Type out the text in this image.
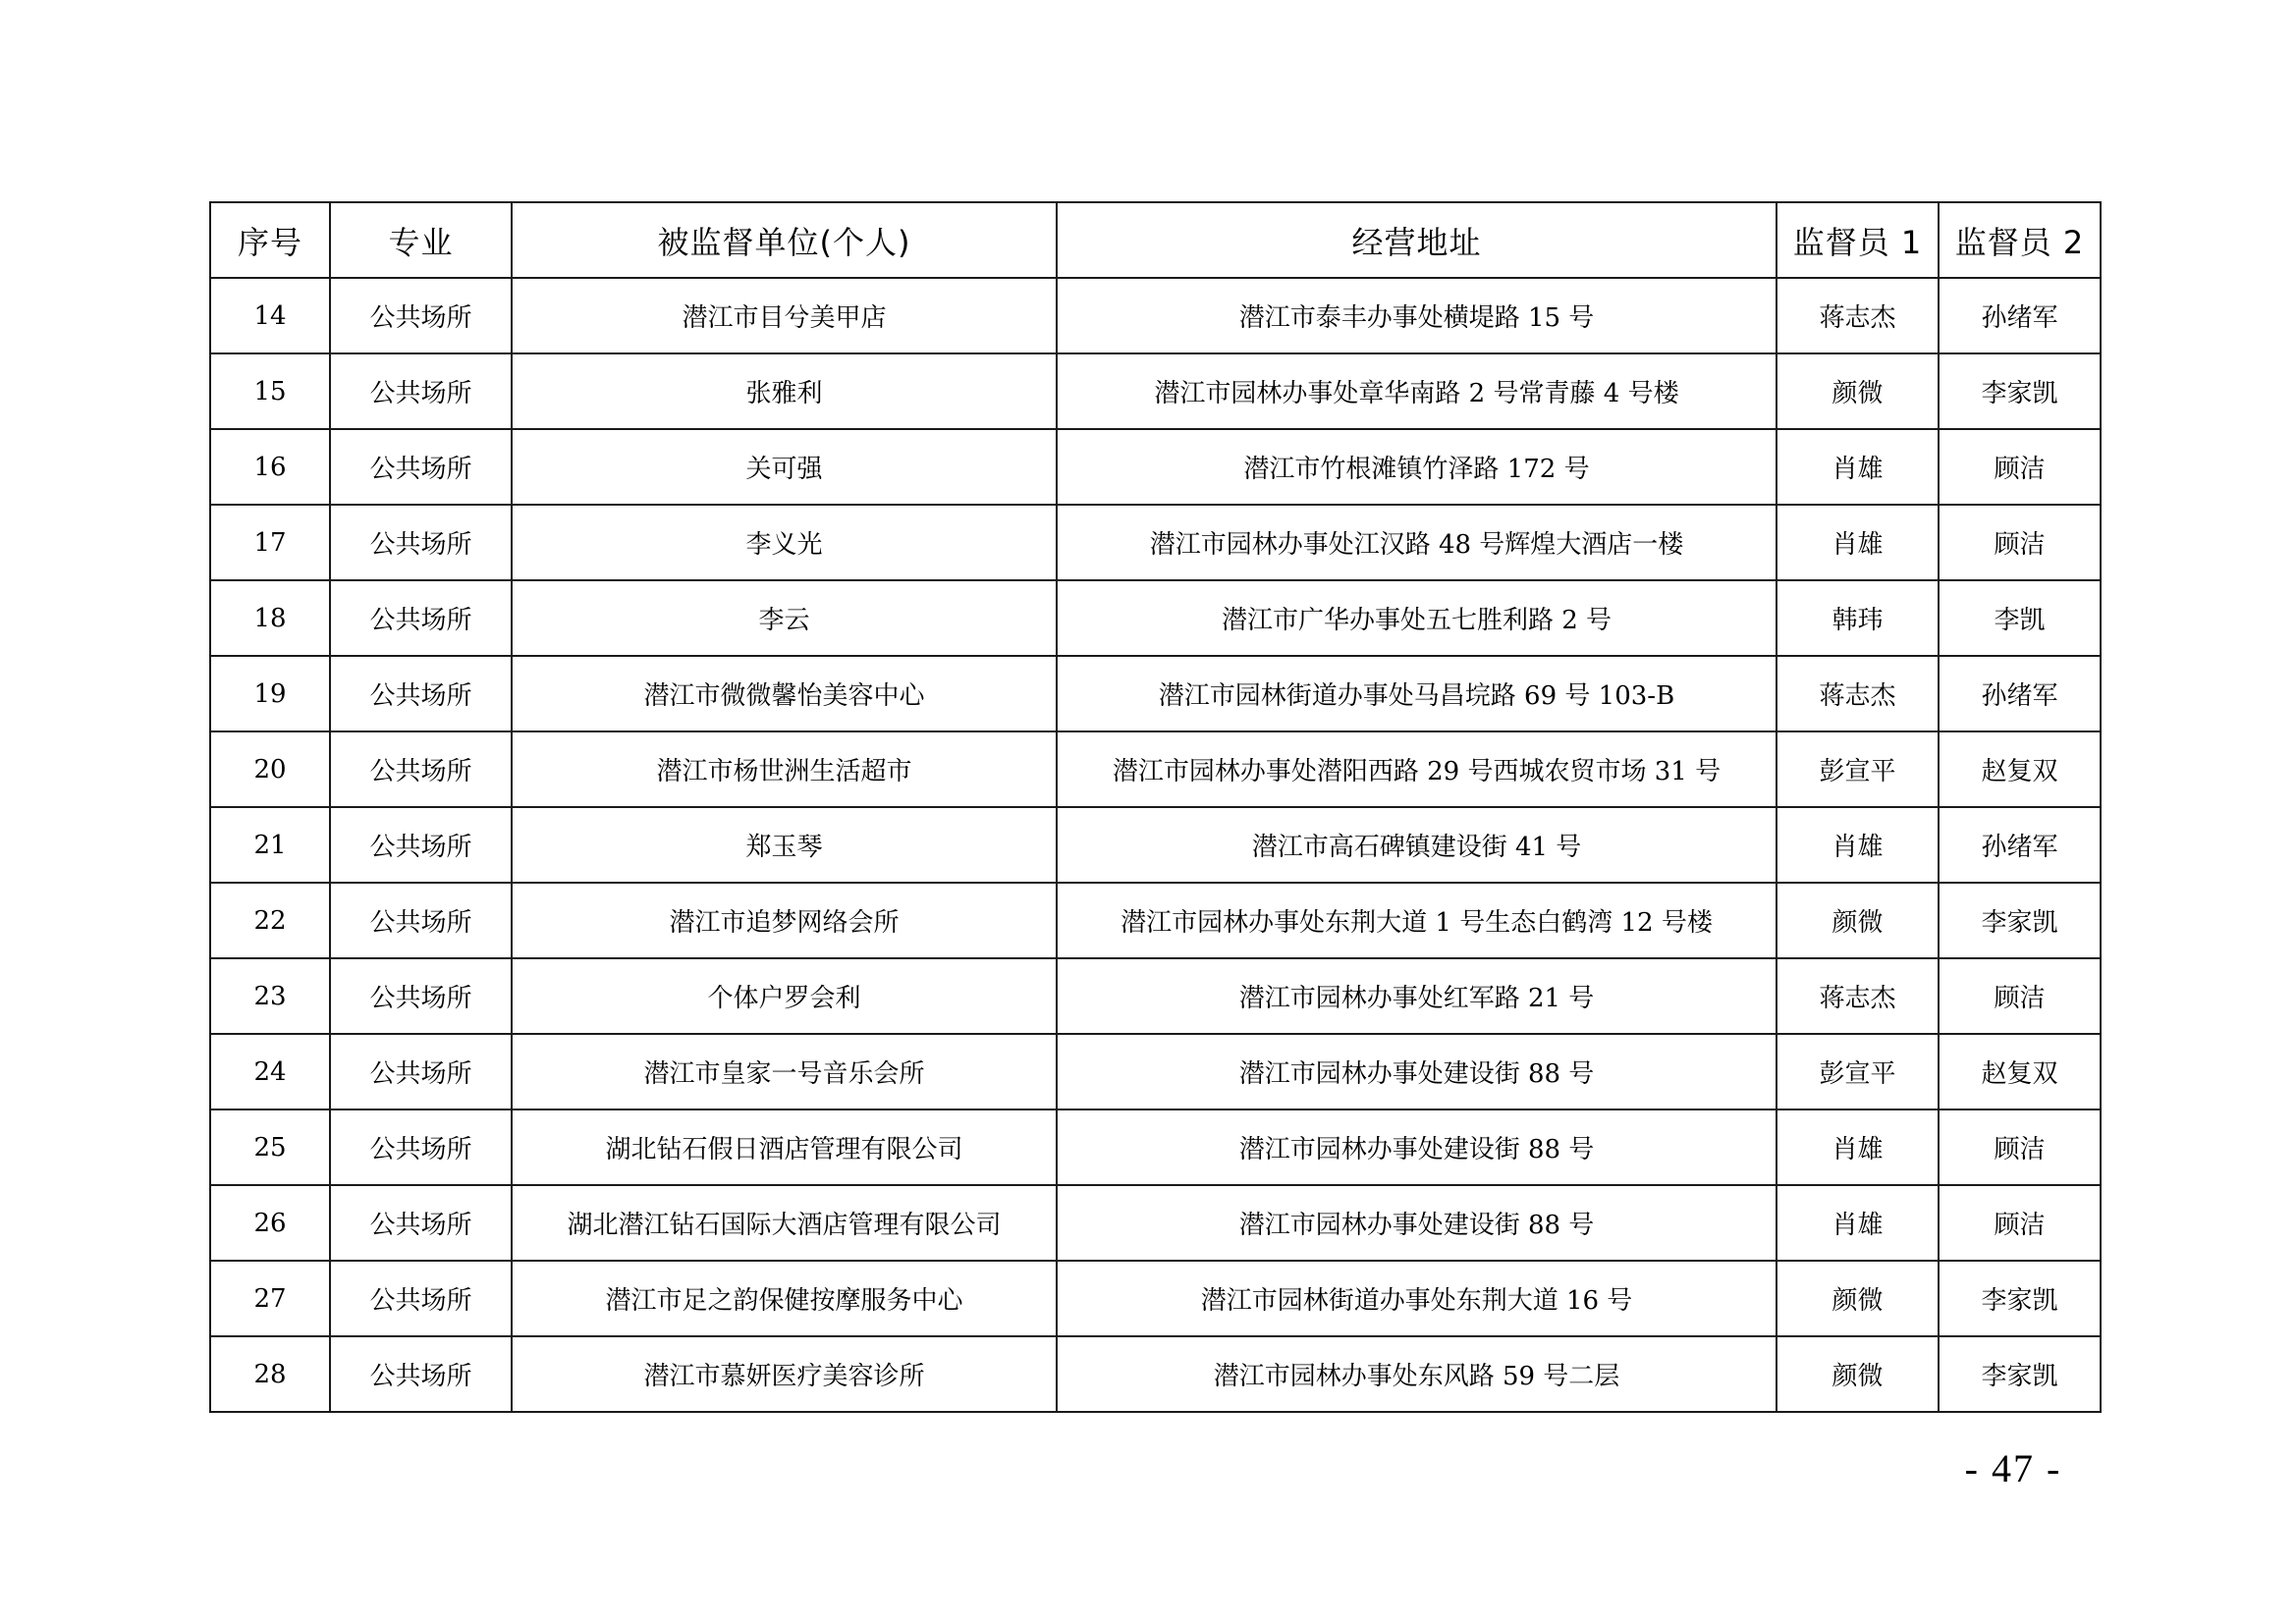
序号	专业	被监督单位(个人)	经营地址	监督员 1	监督员 2
14	公共场所	潜江市目兮美甲店	潜江市泰丰办事处横堤路 15 号	蒋志杰	孙绪军
15	公共场所	张雅利	潜江市园林办事处章华南路 2 号常青藤 4 号楼	颜微	李家凯
16	公共场所	关可强	潜江市竹根滩镇竹泽路 172 号	肖雄	顾洁
17	公共场所	李义光	潜江市园林办事处江汉路 48 号辉煌大酒店一楼	肖雄	顾洁
18	公共场所	李云	潜江市广华办事处五七胜利路 2 号	韩玮	李凯
19	公共场所	潜江市微微馨怡美容中心	潜江市园林街道办事处马昌垸路 69 号 103-B	蒋志杰	孙绪军
20	公共场所	潜江市杨世洲生活超市	潜江市园林办事处潜阳西路 29 号西城农贸市场 31 号	彭宣平	赵复双
21	公共场所	郑玉琴	潜江市高石碑镇建设街 41 号	肖雄	孙绪军
22	公共场所	潜江市追梦网络会所	潜江市园林办事处东荆大道 1 号生态白鹤湾 12 号楼	颜微	李家凯
23	公共场所	个体户罗会利	潜江市园林办事处红军路 21 号	蒋志杰	顾洁
24	公共场所	潜江市皇家一号音乐会所	潜江市园林办事处建设街 88 号	彭宣平	赵复双
25	公共场所	湖北钻石假日酒店管理有限公司	潜江市园林办事处建设街 88 号	肖雄	顾洁
26	公共场所	湖北潜江钻石国际大酒店管理有限公司	潜江市园林办事处建设街 88 号	肖雄	顾洁
27	公共场所	潜江市足之韵保健按摩服务中心	潜江市园林街道办事处东荆大道 16 号	颜微	李家凯
28	公共场所	潜江市慕妍医疗美容诊所	潜江市园林办事处东风路 59 号二层	颜微	李家凯
- 47 -
